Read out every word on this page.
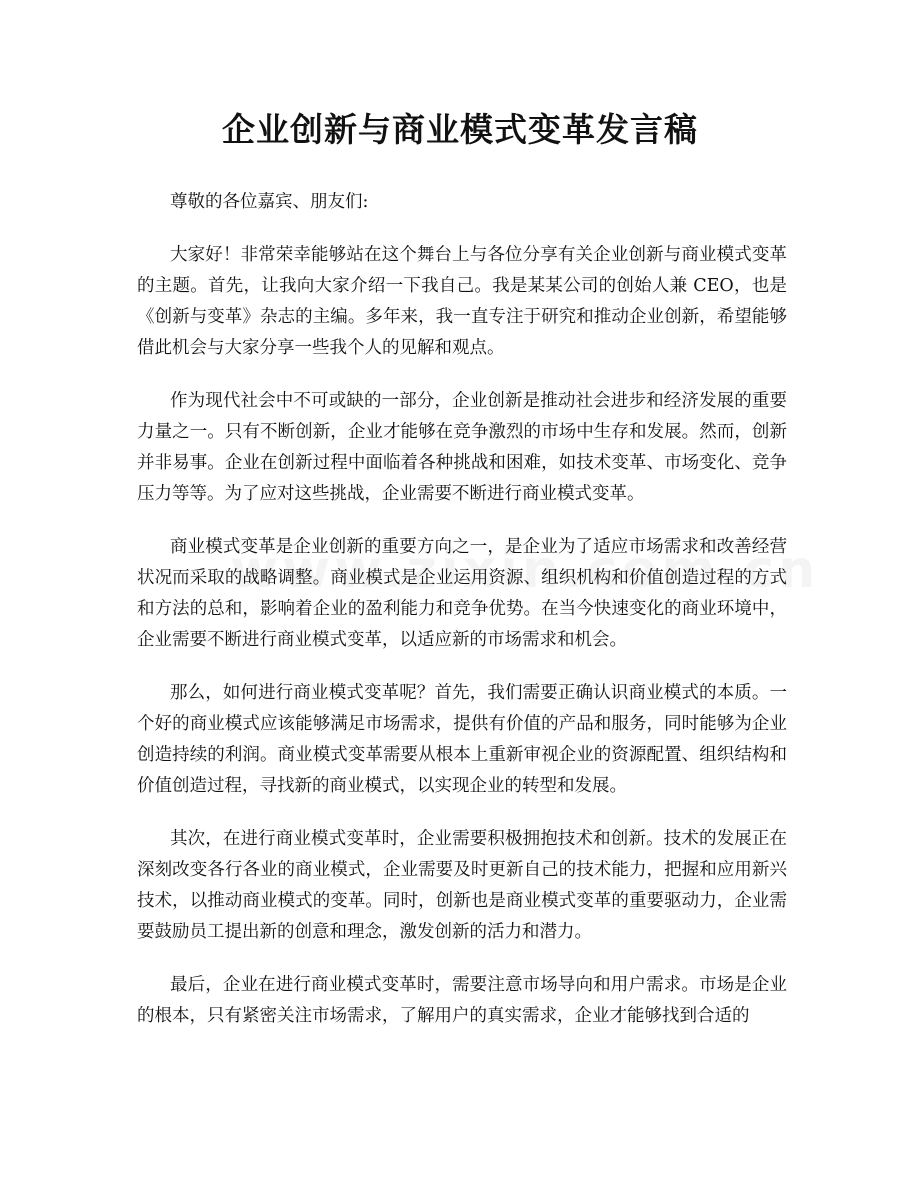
企业创新与商业模式变革发言稿

尊敬的各位嘉宾、朋友们:

大家好！非常荣幸能够站在这个舞台上与各位分享有关企业创新与商业模式变革的主题。首先，让我向大家介绍一下我自己。我是某某公司的创始人兼 CEO，也是《创新与变革》杂志的主编。多年来，我一直专注于研究和推动企业创新，希望能够借此机会与大家分享一些我个人的见解和观点。

作为现代社会中不可或缺的一部分，企业创新是推动社会进步和经济发展的重要力量之一。只有不断创新，企业才能够在竞争激烈的市场中生存和发展。然而，创新并非易事。企业在创新过程中面临着各种挑战和困难，如技术变革、市场变化、竞争压力等等。为了应对这些挑战，企业需要不断进行商业模式变革。

商业模式变革是企业创新的重要方向之一，是企业为了适应市场需求和改善经营状况而采取的战略调整。商业模式是企业运用资源、组织机构和价值创造过程的方式和方法的总和，影响着企业的盈利能力和竞争优势。在当今快速变化的商业环境中，企业需要不断进行商业模式变革，以适应新的市场需求和机会。

那么，如何进行商业模式变革呢？首先，我们需要正确认识商业模式的本质。一个好的商业模式应该能够满足市场需求，提供有价值的产品和服务，同时能够为企业创造持续的利润。商业模式变革需要从根本上重新审视企业的资源配置、组织结构和价值创造过程，寻找新的商业模式，以实现企业的转型和发展。

其次，在进行商业模式变革时，企业需要积极拥抱技术和创新。技术的发展正在深刻改变各行各业的商业模式，企业需要及时更新自己的技术能力，把握和应用新兴技术，以推动商业模式的变革。同时，创新也是商业模式变革的重要驱动力，企业需要鼓励员工提出新的创意和理念，激发创新的活力和潜力。

最后，企业在进行商业模式变革时，需要注意市场导向和用户需求。市场是企业的根本，只有紧密关注市场需求，了解用户的真实需求，企业才能够找到合适的
